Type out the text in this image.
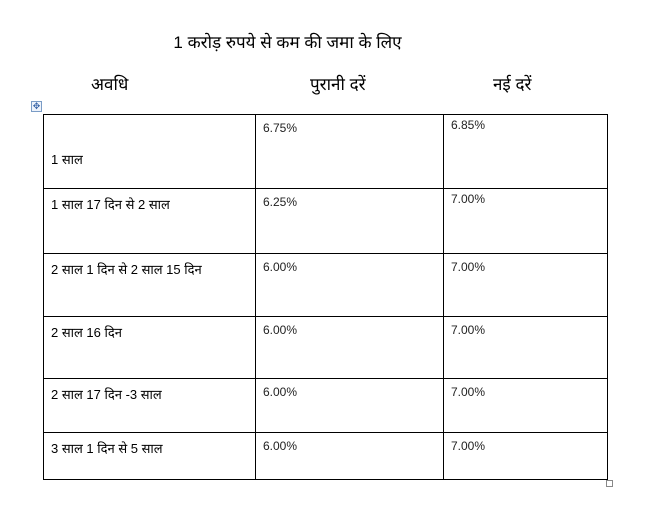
1 करोड़ रुपये से कम की जमा के लिए
अवधि	पुरानी दरें	नई दरें
✥
1 साल	6.75%	6.85%
1 साल 17 दिन से 2 साल	6.25%	7.00%
2 साल 1 दिन से 2 साल 15 दिन	6.00%	7.00%
2 साल 16 दिन	6.00%	7.00%
2 साल 17 दिन -3 साल	6.00%	7.00%
3 साल 1 दिन से 5 साल	6.00%	7.00%
